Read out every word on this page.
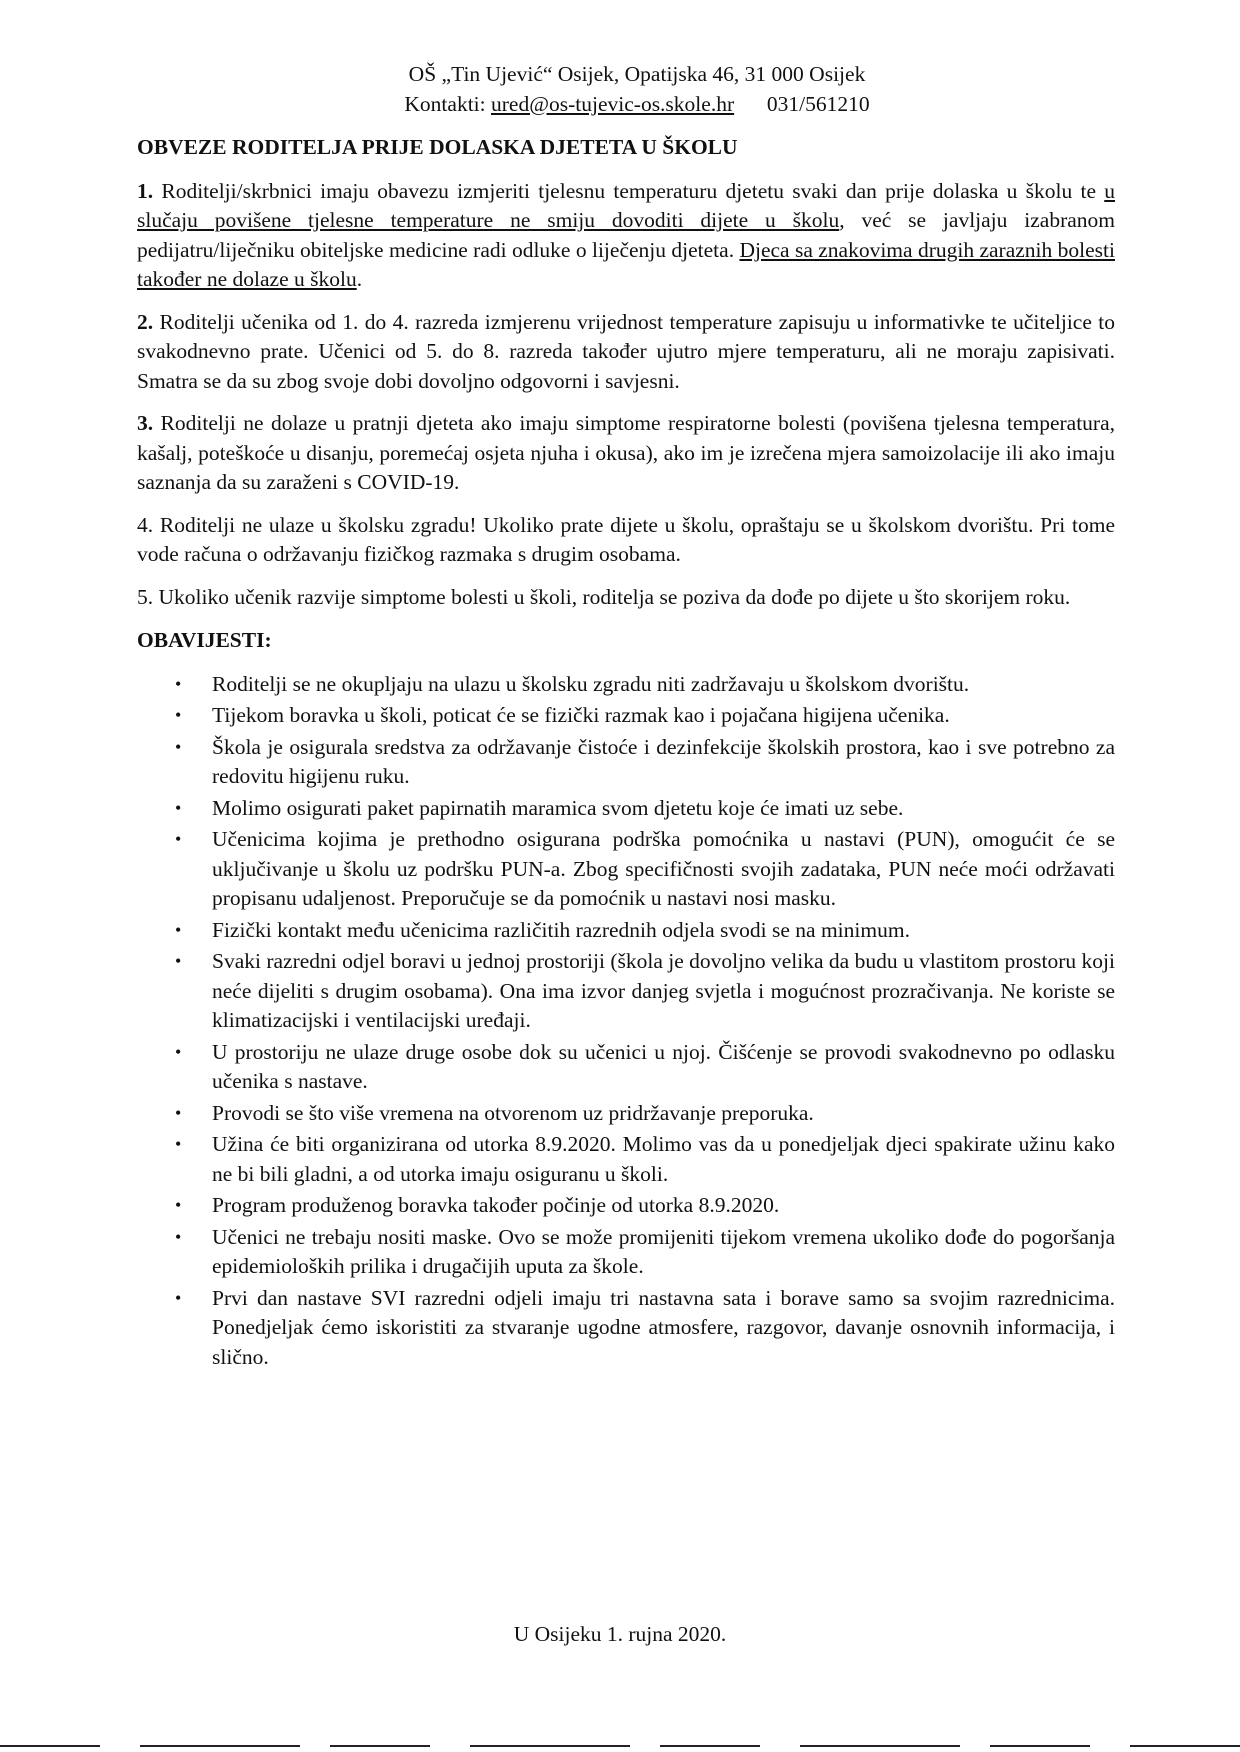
OŠ „Tin Ujević“ Osijek, Opatijska 46, 31 000 Osijek
Kontakti: ured@os-tujevic-os.skole.hr 031/561210
OBVEZE RODITELJA PRIJE DOLASKA DJETETA U ŠKOLU

1. Roditelji/skrbnici imaju obavezu izmjeriti tjelesnu temperaturu djetetu svaki dan prije dolaska u školu te u slučaju povišene tjelesne temperature ne smiju dovoditi dijete u školu, već se javljaju izabranom pedijatru/liječniku obiteljske medicine radi odluke o liječenju djeteta. Djeca sa znakovima drugih zaraznih bolesti također ne dolaze u školu.

2. Roditelji učenika od 1. do 4. razreda izmjerenu vrijednost temperature zapisuju u informativke te učiteljice to svakodnevno prate. Učenici od 5. do 8. razreda također ujutro mjere temperaturu, ali ne moraju zapisivati. Smatra se da su zbog svoje dobi dovoljno odgovorni i savjesni.

3. Roditelji ne dolaze u pratnji djeteta ako imaju simptome respiratorne bolesti (povišena tjelesna temperatura, kašalj, poteškoće u disanju, poremećaj osjeta njuha i okusa), ako im je izrečena mjera samoizolacije ili ako imaju saznanja da su zaraženi s COVID-19.

4. Roditelji ne ulaze u školsku zgradu! Ukoliko prate dijete u školu, opraštaju se u školskom dvorištu. Pri tome vode računa o održavanju fizičkog razmaka s drugim osobama.

5. Ukoliko učenik razvije simptome bolesti u školi, roditelja se poziva da dođe po dijete u što skorijem roku.

OBAVIJESTI:
• Roditelji se ne okupljaju na ulazu u školsku zgradu niti zadržavaju u školskom dvorištu.
• Tijekom boravka u školi, poticat će se fizički razmak kao i pojačana higijena učenika.
• Škola je osigurala sredstva za održavanje čistoće i dezinfekcije školskih prostora, kao i sve potrebno za redovitu higijenu ruku.
• Molimo osigurati paket papirnatih maramica svom djetetu koje će imati uz sebe.
• Učenicima kojima je prethodno osigurana podrška pomoćnika u nastavi (PUN), omogućit će se uključivanje u školu uz podršku PUN-a. Zbog specifičnosti svojih zadataka, PUN neće moći održavati propisanu udaljenost. Preporučuje se da pomoćnik u nastavi nosi masku.
• Fizički kontakt među učenicima različitih razrednih odjela svodi se na minimum.
• Svaki razredni odjel boravi u jednoj prostoriji (škola je dovoljno velika da budu u vlastitom prostoru koji neće dijeliti s drugim osobama). Ona ima izvor danjeg svjetla i mogućnost prozračivanja. Ne koriste se klimatizacijski i ventilacijski uređaji.
• U prostoriju ne ulaze druge osobe dok su učenici u njoj. Čišćenje se provodi svakodnevno po odlasku učenika s nastave.
• Provodi se što više vremena na otvorenom uz pridržavanje preporuka.
• Užina će biti organizirana od utorka 8.9.2020. Molimo vas da u ponedjeljak djeci spakirate užinu kako ne bi bili gladni, a od utorka imaju osiguranu u školi.
• Program produženog boravka također počinje od utorka 8.9.2020.
• Učenici ne trebaju nositi maske. Ovo se može promijeniti tijekom vremena ukoliko dođe do pogoršanja epidemioloških prilika i drugačijih uputa za škole.
• Prvi dan nastave SVI razredni odjeli imaju tri nastavna sata i borave samo sa svojim razrednicima. Ponedjeljak ćemo iskoristiti za stvaranje ugodne atmosfere, razgovor, davanje osnovnih informacija, i slično.
U Osijeku 1. rujna 2020.
